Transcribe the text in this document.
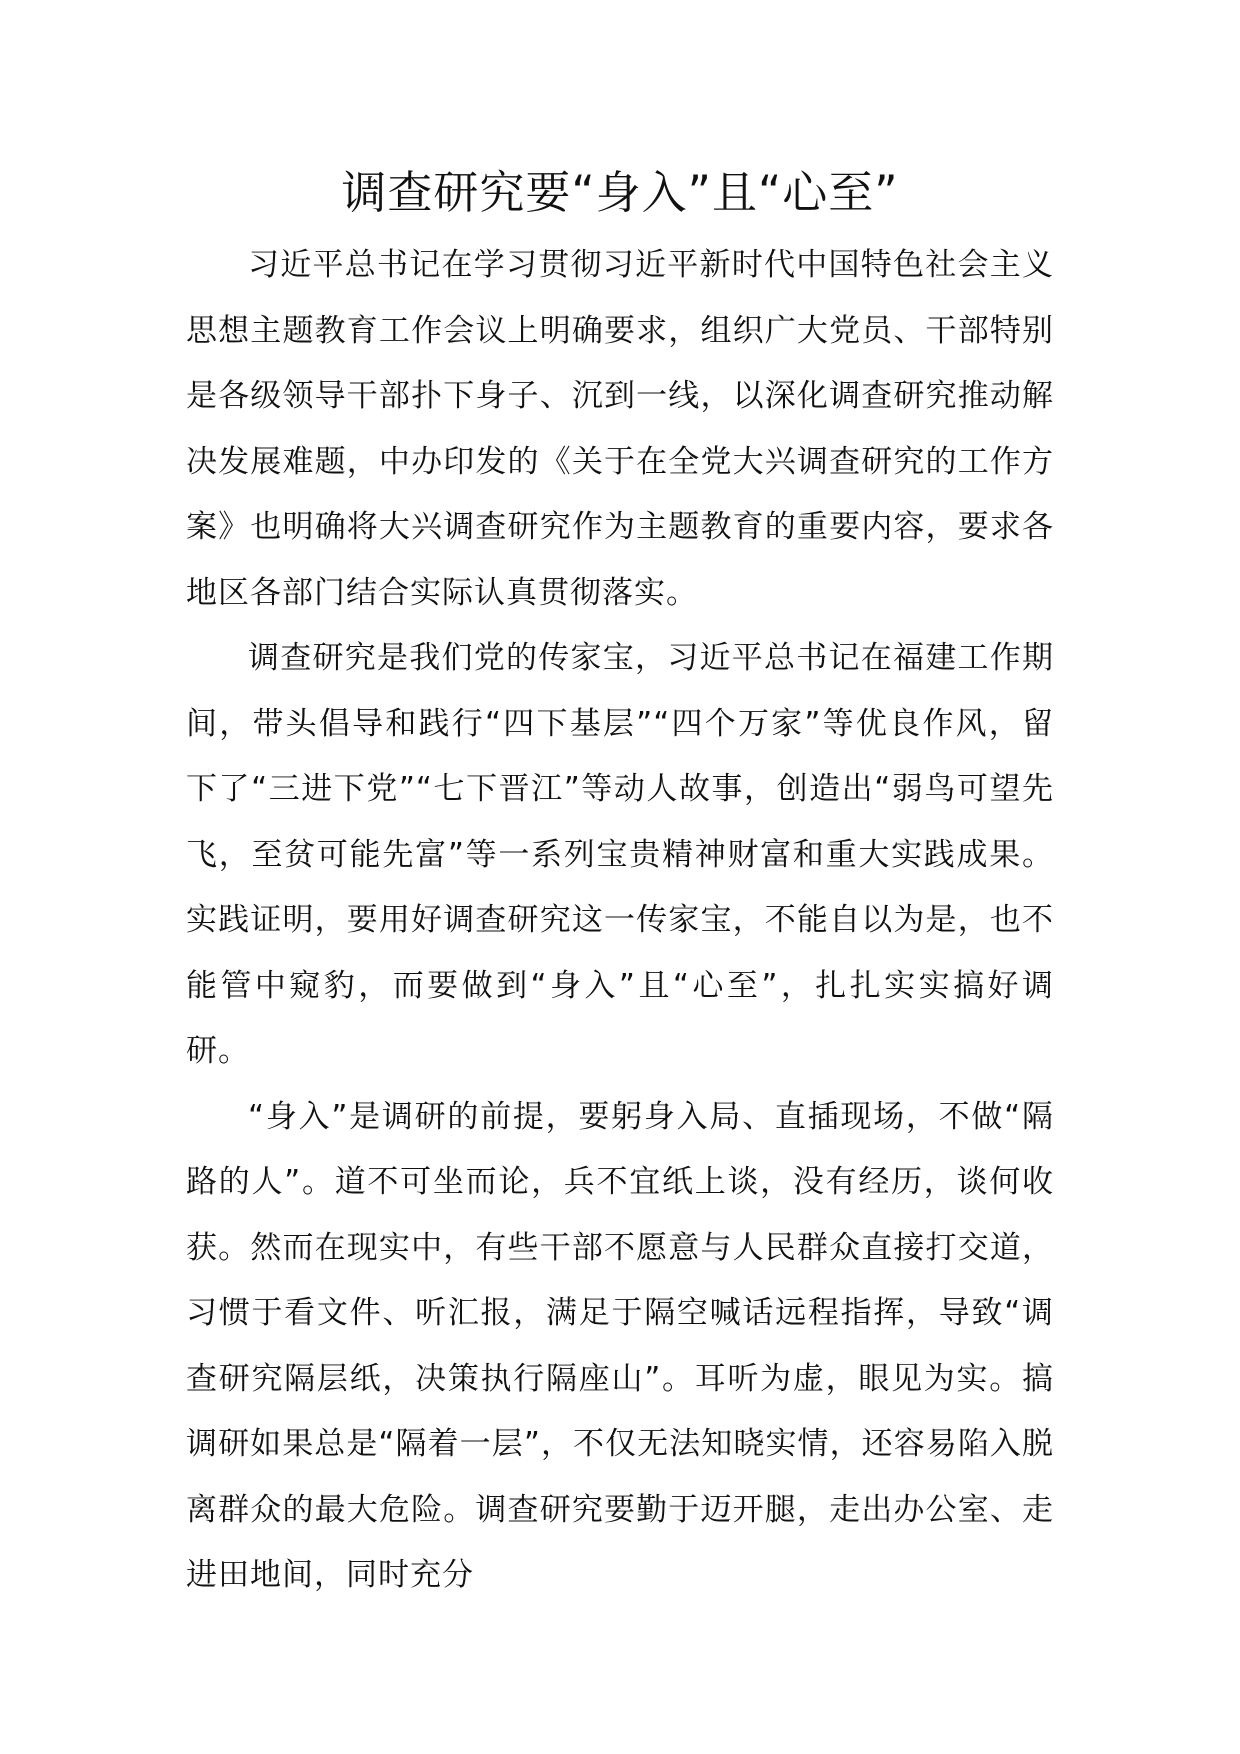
调查研究要“身入”且“心至”

习近平总书记在学习贯彻习近平新时代中国特色社会主义思想主题教育工作会议上明确要求，组织广大党员、干部特别是各级领导干部扑下身子、沉到一线，以深化调查研究推动解决发展难题，中办印发的《关于在全党大兴调查研究的工作方案》也明确将大兴调查研究作为主题教育的重要内容，要求各地区各部门结合实际认真贯彻落实。

调查研究是我们党的传家宝，习近平总书记在福建工作期间，带头倡导和践行“四下基层”“四个万家”等优良作风，留下了“三进下党”“七下晋江”等动人故事，创造出“弱鸟可望先飞，至贫可能先富”等一系列宝贵精神财富和重大实践成果。实践证明，要用好调查研究这一传家宝，不能自以为是，也不能管中窥豹，而要做到“身入”且“心至”，扎扎实实搞好调研。

“身入”是调研的前提，要躬身入局、直插现场，不做“隔路的人”。道不可坐而论，兵不宜纸上谈，没有经历，谈何收获。然而在现实中，有些干部不愿意与人民群众直接打交道，习惯于看文件、听汇报，满足于隔空喊话远程指挥，导致“调查研究隔层纸，决策执行隔座山”。耳听为虚，眼见为实。搞调研如果总是“隔着一层”，不仅无法知晓实情，还容易陷入脱离群众的最大危险。调查研究要勤于迈开腿，走出办公室、走进田地间，同时充分
